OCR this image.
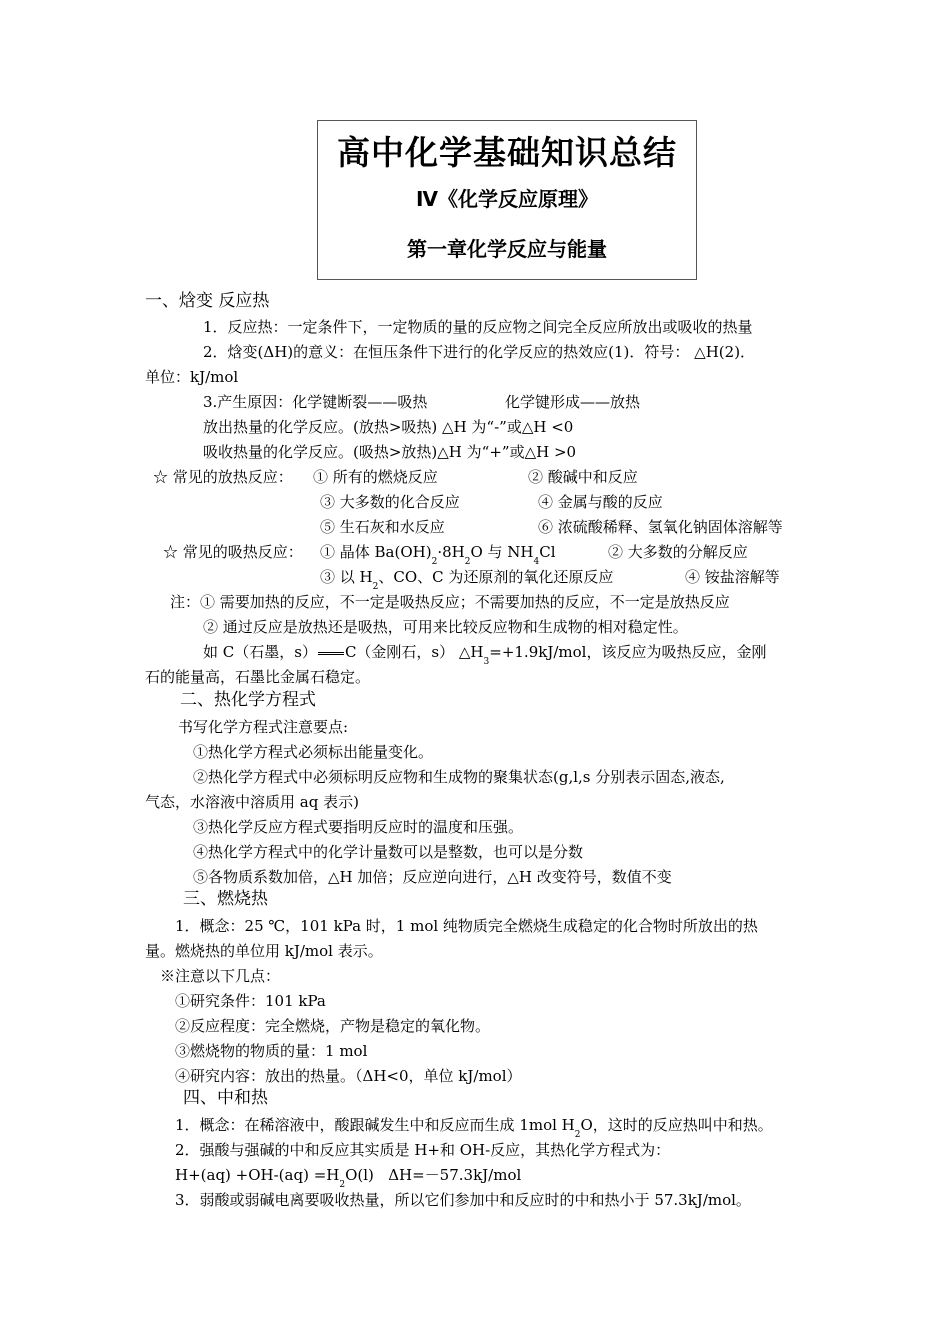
高中化学基础知识总结
Ⅳ《化学反应原理》
第一章化学反应与能量
一、焓变 反应热
1．反应热：一定条件下，一定物质的量的反应物之间完全反应所放出或吸收的热量
2．焓变(ΔH)的意义：在恒压条件下进行的化学反应的热效应(1)．符号： △H(2)．
单位：kJ/mol
3.产生原因：化学键断裂——吸热	化学键形成——放热
放出热量的化学反应。(放热>吸热) △H 为“-”或△H <0
吸收热量的化学反应。(吸热>放热)△H 为“+”或△H >0
☆ 常见的放热反应： ① 所有的燃烧反应	② 酸碱中和反应
③ 大多数的化合反应	④ 金属与酸的反应
⑤ 生石灰和水反应	⑥ 浓硫酸稀释、氢氧化钠固体溶解等
☆ 常见的吸热反应： ① 晶体 $Ba(OH)_2\cdot 8H_2O$ 与 $NH_4Cl$	② 大多数的分解反应
③ 以 $H_2$、CO、C 为还原剂的氧化还原反应	④ 铵盐溶解等
注：① 需要加热的反应，不一定是吸热反应；不需要加热的反应，不一定是放热反应
② 通过反应是放热还是吸热，可用来比较反应物和生成物的相对稳定性。
如 C（石墨，s） C（金刚石，s） $\triangle H_3=+1.9kJ$/mol，该反应为吸热反应，金刚
石的能量高，石墨比金属石稳定。
二、热化学方程式
书写化学方程式注意要点:
①热化学方程式必须标出能量变化。
②热化学方程式中必须标明反应物和生成物的聚集状态(g,l,s 分别表示固态,液态,
气态，水溶液中溶质用 aq 表示)
③热化学反应方程式要指明反应时的温度和压强。
④热化学方程式中的化学计量数可以是整数，也可以是分数
⑤各物质系数加倍，△H 加倍；反应逆向进行，△H 改变符号，数值不变
三、燃烧热
1．概念：25 ℃，101 kPa 时，1 mol 纯物质完全燃烧生成稳定的化合物时所放出的热
量。燃烧热的单位用 kJ/mol 表示。
※注意以下几点：
①研究条件：101 kPa
②反应程度：完全燃烧，产物是稳定的氧化物。
③燃烧物的物质的量：1 mol
④研究内容：放出的热量。（ΔH<0，单位 kJ/mol）
四、中和热
1．概念：在稀溶液中，酸跟碱发生中和反应而生成 1mol $H_2O$，这时的反应热叫中和热。
2．强酸与强碱的中和反应其实质是 H+和 OH-反应，其热化学方程式为：
$H+(aq) +OH-(aq) =H_2O(l)$   ΔH=－57.3kJ/mol
3．弱酸或弱碱电离要吸收热量，所以它们参加中和反应时的中和热小于 57.3kJ/mol。
